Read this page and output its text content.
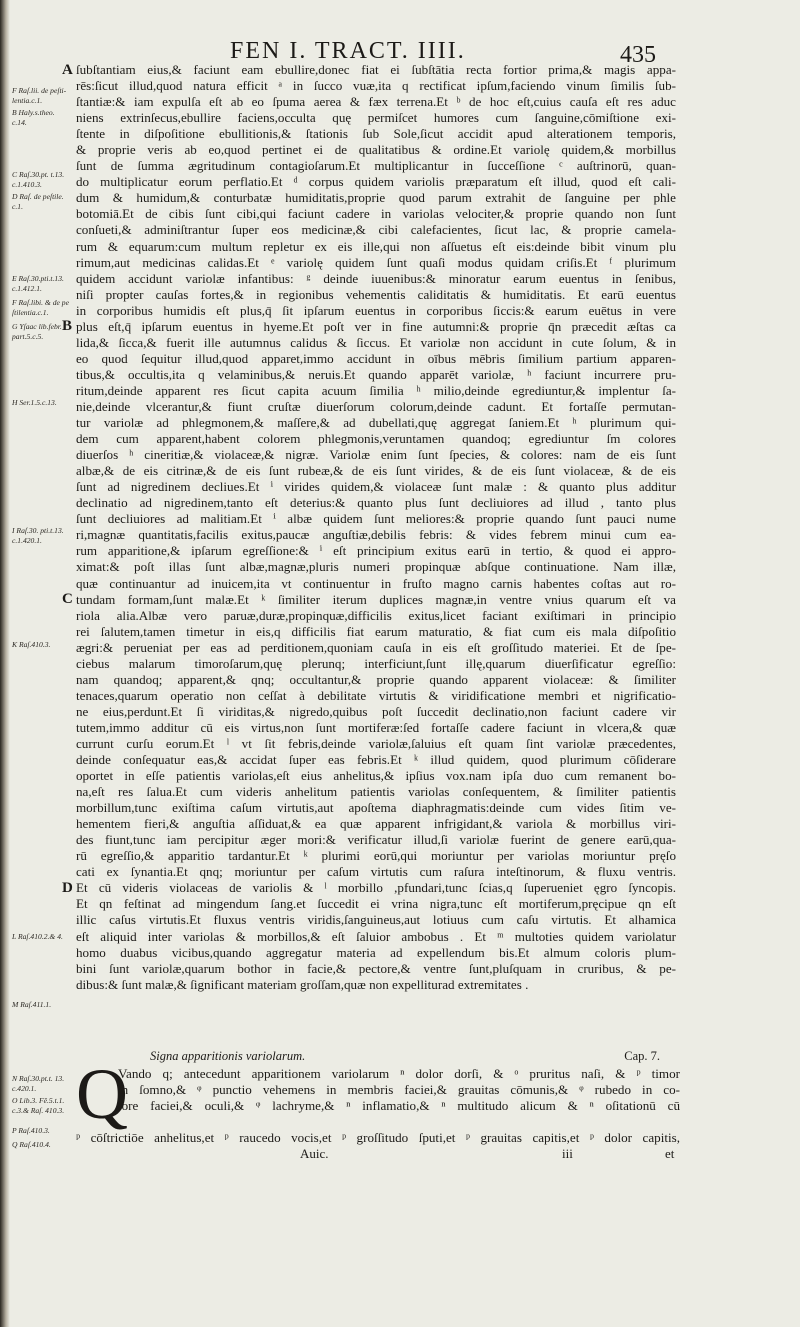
FEN I. TRACT. IIII.	435
F Raſ.lii. de peſti-
lentia.c.1.
B Haly.s.theo.
c.14.
C Raſ.30.pt. t.13.
c.1.410.3.
D Raſ. de peſtile.
c.1.
E Raſ.30.pti.t.13.
c.1.412.1.
F Raſ.libi. & de pe
ſtilentia.c.1.
G Yſaac lib.febr.
part.5.c.5.
H Ser.1.5.c.13.
I Raſ.30. pti.t.13.
c.1.420.1.
K Raſ.410.3.
L Raſ.410.2.& 4.
M Raſ.411.1.
N Raſ.30.pt.t. 13.
c.420.1.
O Lib.3. Fē.5.t.1.
c.3.& Raſ. 410.3.
P Raſ.410.3.
Q Raſ.410.4.
A
B
C
D
ſubſtantiam eius,& faciunt eam ebullire,donec fiat ei ſubſtātia recta fortior prima,& magis appa-
rēs:ſicut illud,quod natura efficit ᵃ in ſucco vuæ,ita q rectificat ipſum,faciendo vinum ſimilis ſub-
ſtantiæ:& iam expulſa eſt ab eo ſpuma aerea & fæx terrena.Et ᵇ de hoc eſt,cuius cauſa eſt res aduc
niens extrinſecus,ebullire faciens,occulta quę permiſcet humores cum ſanguine,cōmiſtione exi-
ſtente in diſpoſitione ebullitionis,& ſtationis ſub Sole,ſicut accidit apud alterationem temporis,
& proprie veris ab eo,quod pertinet ei de qualitatibus & ordine.Et variolę quidem,& morbillus
ſunt de ſumma ægritudinum contagioſarum.Et multiplicantur in ſucceſſione ᶜ auſtrinorū, quan-
do multiplicatur eorum perflatio.Et ᵈ corpus quidem variolis præparatum eſt illud, quod eſt cali-
dum & humidum,& conturbatæ humiditatis,proprie quod parum extrahit de ſanguine per phle
botomiā.Et de cibis ſunt cibi,qui faciunt cadere in variolas velociter,& proprie quando non ſunt
conſueti,& adminiſtrantur ſuper eos medicinæ,& cibi calefacientes, ſicut lac, & proprie camela-
rum & equarum:cum multum repletur ex eis ille,qui non aſſuetus eſt eis:deinde bibit vinum plu
rimum,aut medicinas calidas.Et ᵉ variolę quidem ſunt quaſi modus quidam criſis.Et ᶠ plurimum
quidem accidunt variolæ infantibus: ᵍ deinde iuuenibus:& minoratur earum euentus in ſenibus,
niſi propter cauſas fortes,& in regionibus vehementis caliditatis & humiditatis. Et earū euentus
in corporibus humidis eſt plus,q̄ ſit ipſarum euentus in corporibus ſiccis:& earum euētus in vere
plus eſt,q̄ ipſarum euentus in hyeme.Et poſt ver in fine autumni:& proprie q̄n præcedit æſtas ca
lida,& ſicca,& fuerit ille autumnus calidus & ſiccus. Et variolæ non accidunt in cute ſolum, & in
eo quod ſequitur illud,quod apparet,immo accidunt in oībus mēbris ſimilium partium apparen-
tibus,& occultis,ita q velaminibus,& neruis.Et quando apparēt variolæ, ʰ faciunt incurrere pru-
ritum,deinde apparent res ſicut capita acuum ſimilia ʰ milio,deinde egrediuntur,& implentur ſa-
nie,deinde vlcerantur,& fiunt cruſtæ diuerſorum colorum,deinde cadunt. Et fortaſſe permutan-
tur variolæ ad phlegmonem,& maſſere,& ad dubellati,quę aggregat ſaniem.Et ʰ plurimum qui-
dem cum apparent,habent colorem phlegmonis,veruntamen quandoq; egrediuntur ſm colores
diuerſos ʰ cineritiæ,& violaceæ,& nigræ. Variolæ enim ſunt ſpecies, & colores: nam de eis ſunt
albæ,& de eis citrinæ,& de eis ſunt rubeæ,& de eis ſunt virides, & de eis ſunt violaceæ, & de eis
ſunt ad nigredinem decliues.Et ⁱ virides quidem,& violaceæ ſunt malæ : & quanto plus additur
declinatio ad nigredinem,tanto eſt deterius:& quanto plus ſunt decliuiores ad illud , tanto plus
ſunt decliuiores ad malitiam.Et ⁱ albæ quidem ſunt meliores:& proprie quando ſunt pauci nume
ri,magnæ quantitatis,facilis exitus,paucæ anguſtiæ,debilis febris: & vides febrem minui cum ea-
rum apparitione,& ipſarum egreſſione:& ⁱ eſt principium exitus earū in tertio, & quod ei appro-
ximat:& poſt illas ſunt albæ,magnæ,pluris numeri propinquæ abſque continuatione. Nam illæ,
quæ continuantur ad inuicem,ita vt continuentur in fruſto magno carnis habentes coſtas aut ro-
tundam formam,ſunt malæ.Et ᵏ ſimiliter iterum duplices magnæ,in ventre vnius quarum eſt va
riola alia.Albæ vero paruæ,duræ,propinquæ,difficilis exitus,licet faciant exiſtimari in principio
rei ſalutem,tamen timetur in eis,q difficilis fiat earum maturatio, & fiat cum eis mala diſpoſitio
ægri:& perueniat per eas ad perditionem,quoniam cauſa in eis eſt groſſitudo materiei. Et de ſpe-
ciebus malarum timoroſarum,quę plerunq; interficiunt,ſunt illę,quarum diuerſificatur egreſſio:
nam quandoq; apparent,& qnq; occultantur,& proprie quando apparent violaceæ: & ſimiliter
tenaces,quarum operatio non ceſſat à debilitate virtutis & viridificatione membri et nigrificatio-
ne eius,perdunt.Et ſi viriditas,& nigredo,quibus poſt ſuccedit declinatio,non faciunt cadere vir
tutem,immo additur cū eis virtus,non ſunt mortiferæ:ſed fortaſſe cadere faciunt in vlcera,& quæ
currunt curſu eorum.Et ˡ vt ſit febris,deinde variolæ,ſaluius eſt quam ſint variolæ præcedentes,
deinde conſequatur eas,& accidat ſuper eas febris.Et ᵏ illud quidem, quod plurimum cōſiderare
oportet in eſſe patientis variolas,eſt eius anhelitus,& ipſius vox.nam ipſa duo cum remanent bo-
na,eſt res ſalua.Et cum videris anhelitum patientis variolas conſequentem, & ſimiliter patientis
morbillum,tunc exiſtima caſum virtutis,aut apoſtema diaphragmatis:deinde cum vides ſitim ve-
hementem fieri,& anguſtia aſſiduat,& ea quæ apparent infrigidant,& variola & morbillus viri-
des fiunt,tunc iam percipitur æger mori:& verificatur illud,ſi variolæ fuerint de genere earū,qua-
rū egreſſio,& apparitio tardantur.Et ᵏ plurimi eorū,qui moriuntur per variolas moriuntur pręſo
cati ex ſynantia.Et qnq; moriuntur per caſum virtutis cum raſura inteſtinorum, & fluxu ventris.
Et cū videris violaceas de variolis & ˡ morbillo ,pfundari,tunc ſcias,q ſuperueniet ęgro ſyncopis.
Et qn feſtinat ad mingendum ſang.et ſuccedit ei vrina nigra,tunc eſt mortiferum,pręcipue qn eſt
illic caſus virtutis.Et fluxus ventris viridis,ſanguineus,aut lotiuus cum caſu virtutis. Et alhamica
eſt aliquid inter variolas & morbillos,& eſt ſaluior ambobus . Et ᵐ multoties quidem variolatur
homo duabus vicibus,quando aggregatur materia ad expellendum bis.Et almum coloris plum-
bini ſunt variolæ,quarum bothor in facie,& pectore,& ventre ſunt,pluſquam in cruribus, & pe-
dibus:& ſunt malæ,& ſignificant materiam groſſam,quæ non expelliturad extremitates .
Signa apparitionis variolarum.	Cap. 7.
Q
Vando q; antecedunt apparitionem variolarum ⁿ dolor dorſi, & ᵒ pruritus naſi, & ᵖ timor
in ſomno,& ᵠ punctio vehemens in membris faciei,& grauitas cōmunis,& ᵠ rubedo in co-
lore faciei,& oculi,& ᵠ lachryme,& ⁿ inflamatio,& ⁿ multitudo alicum & ⁿ oſitationū cū
ᵖ cōſtrictiōe anhelitus,et ᵖ raucedo vocis,et ᵖ groſſitudo ſputi,et ᵖ grauitas capitis,et ᵖ dolor capitis,
Auic.	iii	et
